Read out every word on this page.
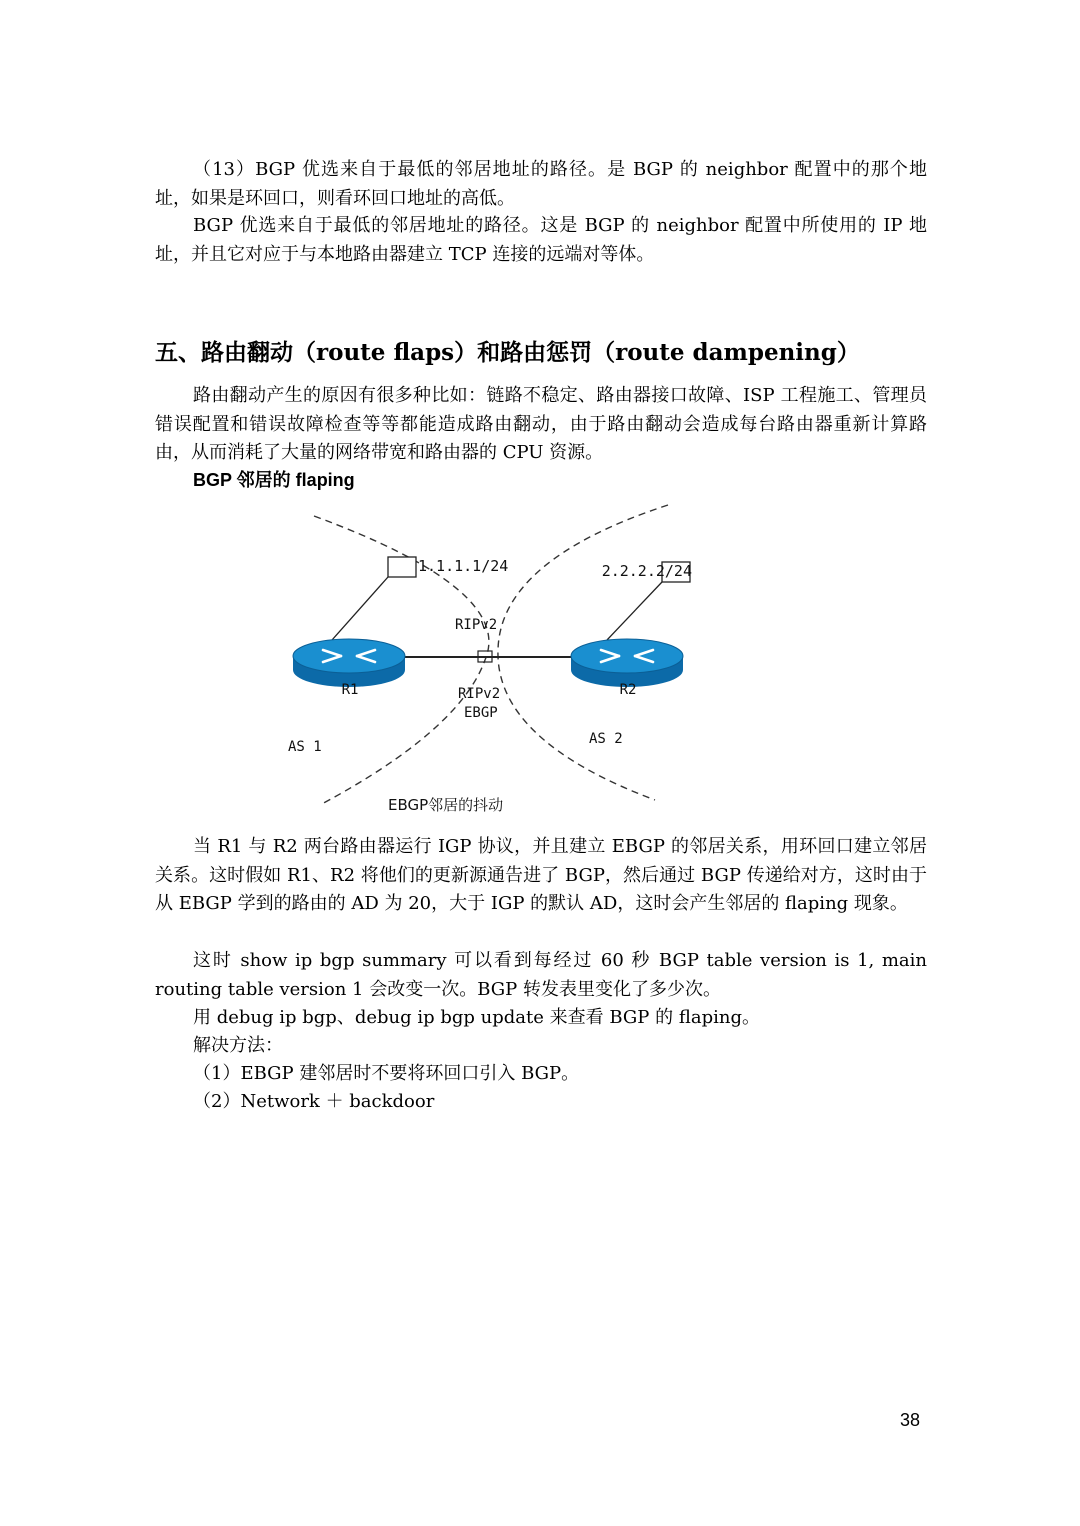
（13）BGP 优选来自于最低的邻居地址的路径。是 BGP 的 neighbor 配置中的那个地址，如果是环回口，则看环回口地址的高低。

BGP 优选来自于最低的邻居地址的路径。这是 BGP 的 neighbor 配置中所使用的 IP 地址，并且它对应于与本地路由器建立 TCP 连接的远端对等体。

五、路由翻动（route flaps）和路由惩罚（route dampening）

路由翻动产生的原因有很多种比如：链路不稳定、路由器接口故障、ISP 工程施工、管理员错误配置和错误故障检查等等都能造成路由翻动，由于路由翻动会造成每台路由器重新计算路由，从而消耗了大量的网络带宽和路由器的 CPU 资源。

BGP 邻居的 flaping

1.1.1.1/24	2.2.2.2/24
RIPv2
R1	R2
RIPv2
EBGP
AS 1	AS 2
EBGP邻居的抖动

当 R1 与 R2 两台路由器运行 IGP 协议，并且建立 EBGP 的邻居关系，用环回口建立邻居关系。这时假如 R1、R2 将他们的更新源通告进了 BGP，然后通过 BGP 传递给对方，这时由于从 EBGP 学到的路由的 AD 为 20，大于 IGP 的默认 AD，这时会产生邻居的 flaping 现象。

这时 show ip bgp summary 可以看到每经过 60 秒 BGP table version is 1, main routing table version 1 会改变一次。BGP 转发表里变化了多少次。

用 debug ip bgp、debug ip bgp update 来查看 BGP 的 flaping。

解决方法：

（1）EBGP 建邻居时不要将环回口引入 BGP。

（2）Network ＋ backdoor

38
